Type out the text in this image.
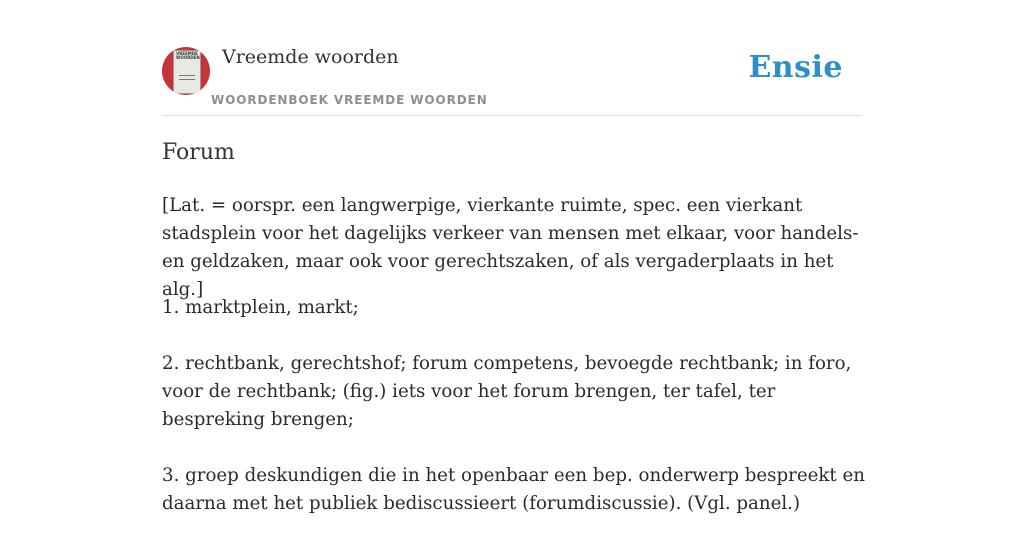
VREEMDE WOORDEN Vreemde woorden
WOORDENBOEK VREEMDE WOORDEN
Ensie
Forum
[Lat. = oorspr. een langwerpige, vierkante ruimte, spec. een vierkant stadsplein voor het dagelijks verkeer van mensen met elkaar, voor handels- en geldzaken, maar ook voor gerechtszaken, of als vergaderplaats in het alg.]

1. marktplein, markt;

2. rechtbank, gerechtshof; forum competens, bevoegde rechtbank; in foro, voor de rechtbank; (fig.) iets voor het forum brengen, ter tafel, ter bespreking brengen;

3. groep deskundigen die in het openbaar een bep. onderwerp bespreekt en daarna met het publiek bediscussieert (forumdiscussie). (Vgl. panel.)
